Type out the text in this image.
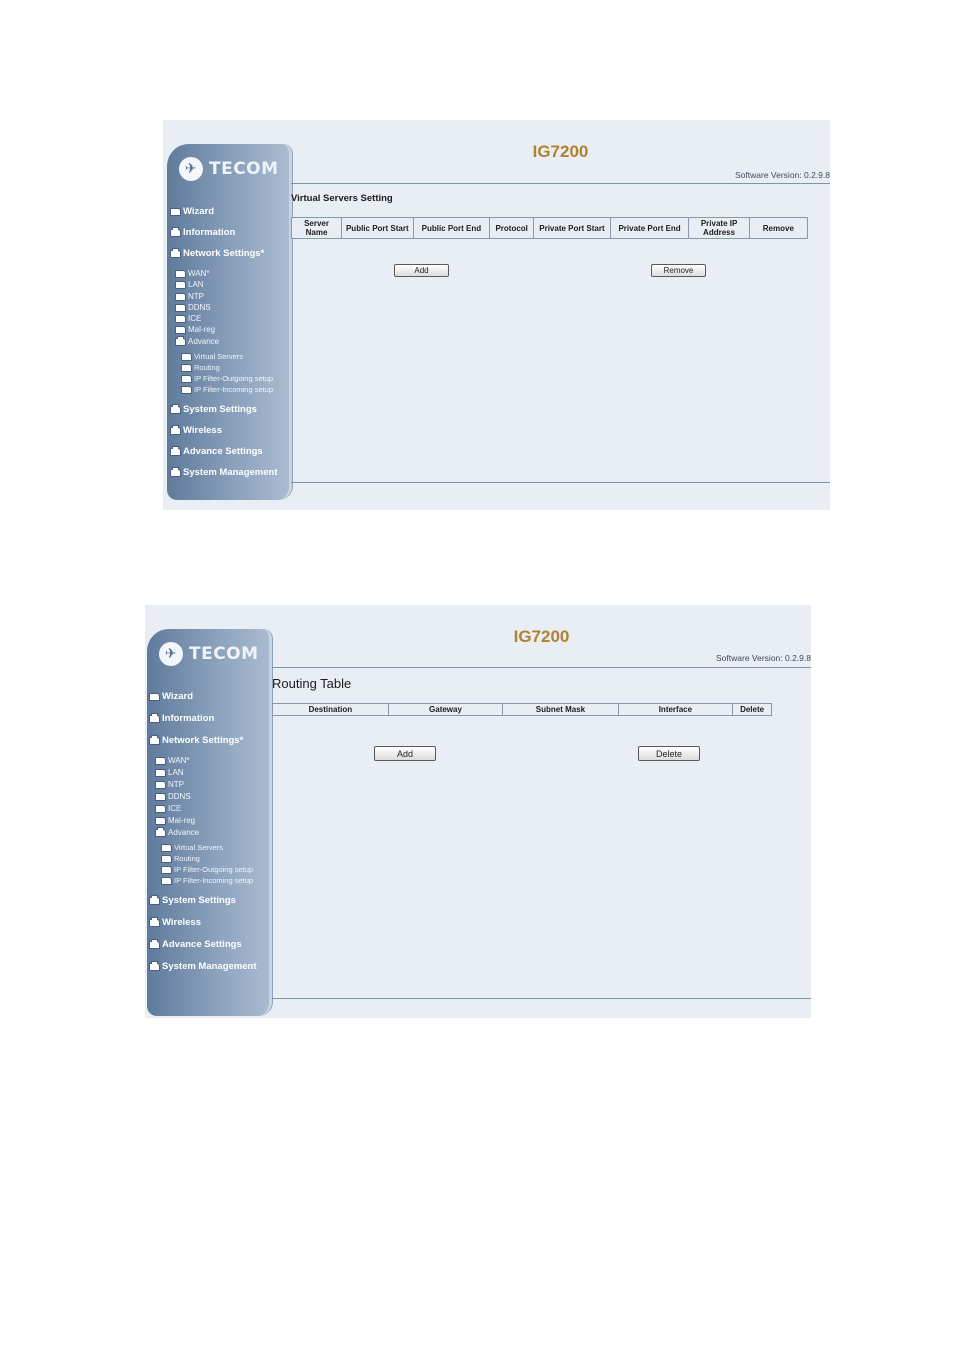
✈ TECOM
Wizard
Information
Network Settings*
WAN*
LAN
NTP
DDNS
ICE
Mal-reg
Advance
Virtual Servers
Routing
IP Filter-Outgoing setup
IP Filter-Incoming setup
System Settings
Wireless
Advance Settings
System Management
IG7200
Software Version: 0.2.9.8
Virtual Servers Setting
Server Name	Public Port Start	Public Port End	Protocol	Private Port Start	Private Port End	Private IP Address	Remove
Add	Remove
✈ TECOM
Wizard
Information
Network Settings*
WAN*
LAN
NTP
DDNS
ICE
Mal-reg
Advance
Virtual Servers
Routing
IP Filter-Outgoing setup
IP Filter-Incoming setup
System Settings
Wireless
Advance Settings
System Management
IG7200
Software Version: 0.2.9.8
Routing Table
Destination	Gateway	Subnet Mask	Interface	Delete
Add	Delete
